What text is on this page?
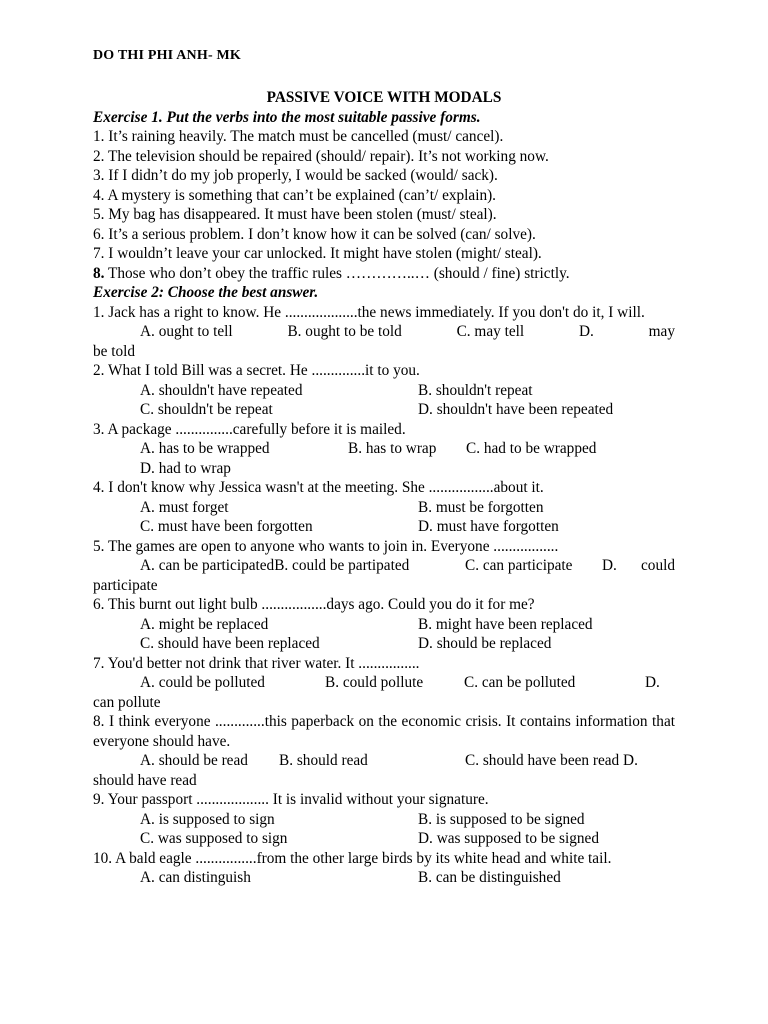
DO THI PHI ANH- MK
PASSIVE VOICE WITH MODALS
Exercise 1. Put the verbs into the most suitable passive forms.
1. It’s raining heavily. The match must be cancelled (must/ cancel).
2. The television should be repaired (should/ repair). It’s not working now.
3. If I didn’t do my job properly, I would be sacked (would/ sack).
4. A mystery is something that can’t be explained (can’t/ explain).
5. My bag has disappeared. It must have been stolen (must/ steal).
6. It’s a serious problem. I don’t know how it can be solved (can/ solve).
7. I wouldn’t leave your car unlocked. It might have stolen (might/ steal).
8. Those who don’t obey the traffic rules …………..… (should / fine) strictly.
Exercise 2: Choose the best answer.
1. Jack has a right to know. He ...................the news immediately. If you don't do it, I will.
A. ought to tell	B. ought to be told	C. may tell	D.	may
be told
2. What I told Bill was a secret. He ..............it to you.
A. shouldn't have repeated	B. shouldn't repeat
C. shouldn't be repeat	D. shouldn't have been repeated
3. A package ...............carefully before it is mailed.
A. has to be wrapped	B. has to wrap	C. had to be wrapped
D. had to wrap
4. I don't know why Jessica wasn't at the meeting. She .................about it.
A. must forget	B. must be forgotten
C. must have been forgotten	D. must have forgotten
5. The games are open to anyone who wants to join in. Everyone .................
A. can be participatedB. could be partipated	C. can participate	D.	could
participate
6. This burnt out light bulb .................days ago. Could you do it for me?
A. might be replaced	B. might have been replaced
C. should have been replaced	D. should be replaced
7. You'd better not drink that river water. It ................
A. could be polluted	B. could pollute	C. can be polluted	D.
can pollute
8. I think everyone .............this paperback on the economic crisis. It contains information that everyone should have.
A. should be read	B. should read	C. should have been read D.
should have read
9. Your passport ................... It is invalid without your signature.
A. is supposed to sign	B. is supposed to be signed
C. was supposed to sign	D. was supposed to be signed
10. A bald eagle ................from the other large birds by its white head and white tail.
A. can distinguish	B. can be distinguished
